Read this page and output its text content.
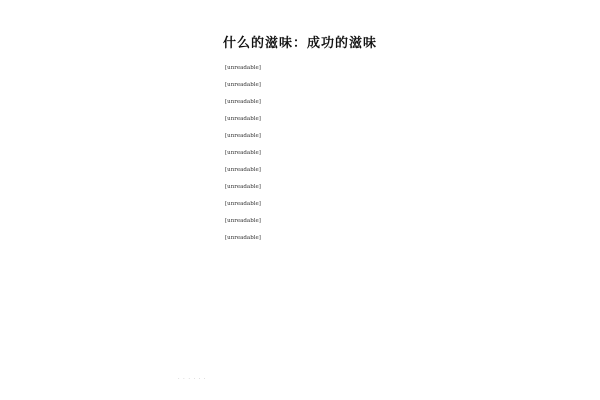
什么的滋味：成功的滋味

[unreadable]

[unreadable]

[unreadable]

[unreadable]

[unreadable]

[unreadable]

[unreadable]

[unreadable]

[unreadable]

[unreadable]

[unreadable]

· · · · · ·
